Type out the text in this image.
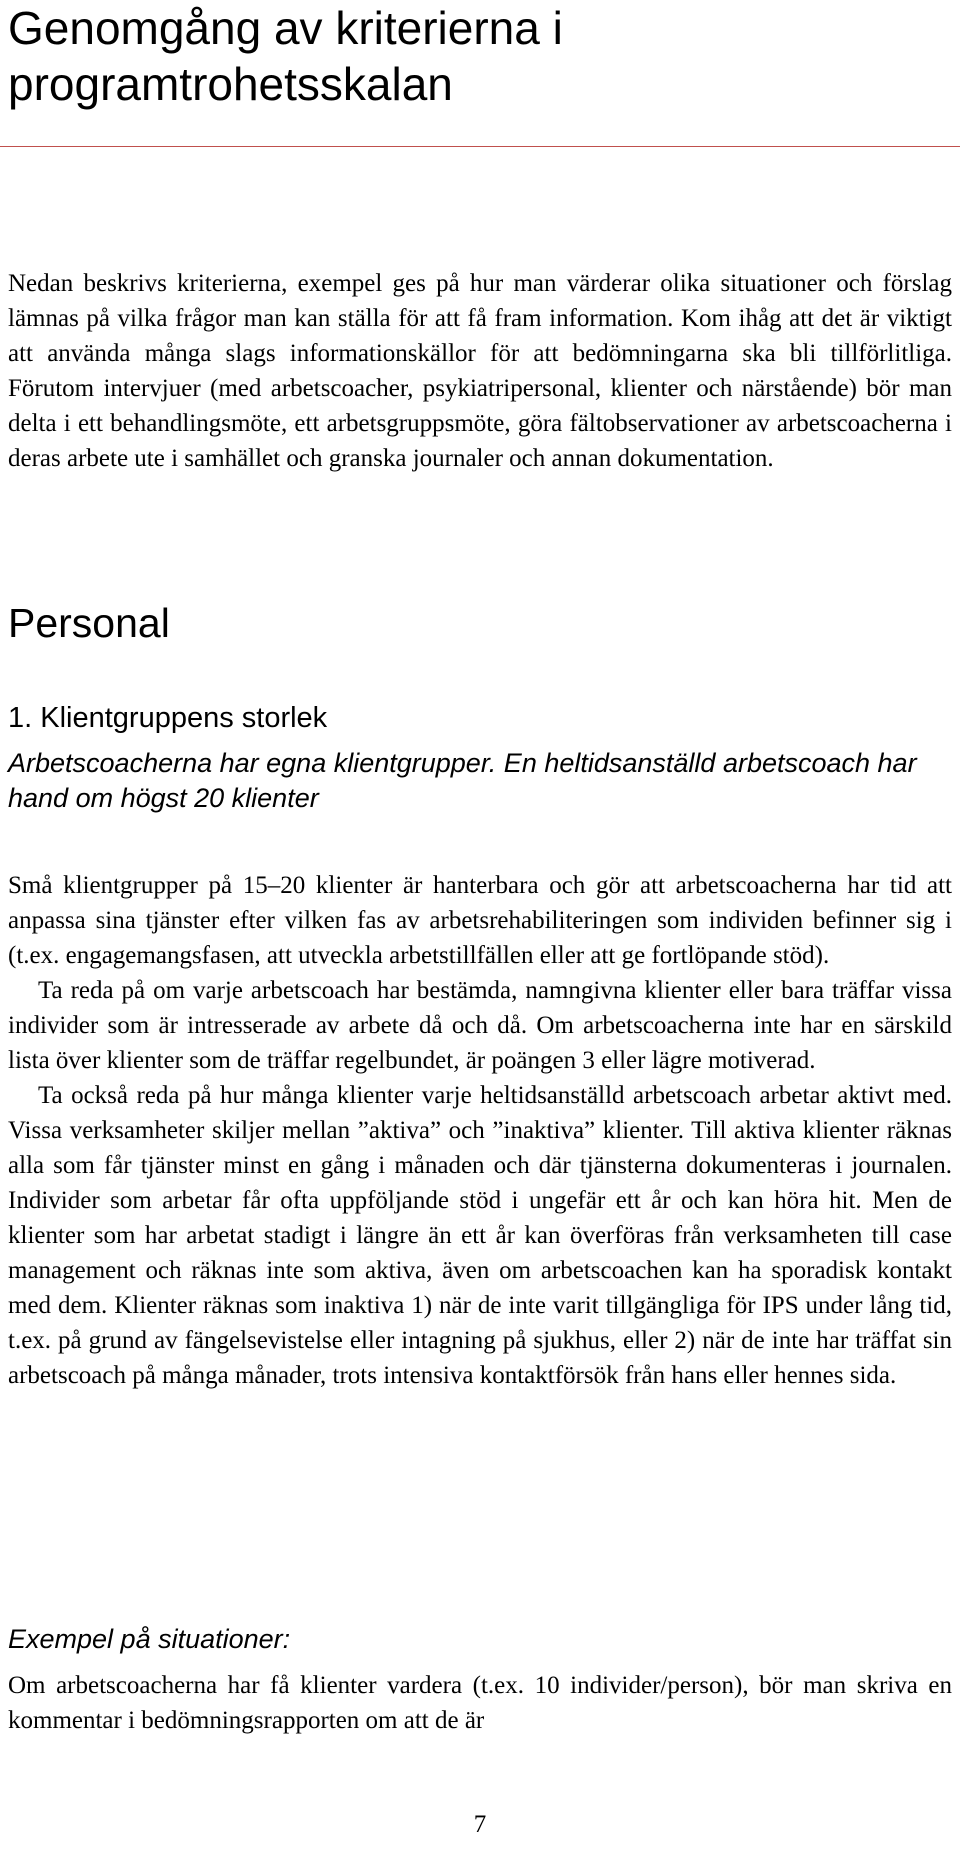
Genomgång av kriterierna i programtrohetsskalan

Nedan beskrivs kriterierna, exempel ges på hur man värderar olika situationer och förslag lämnas på vilka frågor man kan ställa för att få fram information. Kom ihåg att det är viktigt att använda många slags informationskällor för att bedömningarna ska bli tillförlitliga. Förutom intervjuer (med arbetscoacher, psykiatripersonal, klienter och närstående) bör man delta i ett behandlingsmöte, ett arbetsgruppsmöte, göra fältobservationer av arbetscoacherna i deras arbete ute i samhället och granska journaler och annan dokumentation.

Personal
1. Klientgruppens storlek

Arbetscoacherna har egna klientgrupper. En heltidsanställd arbetscoach har hand om högst 20 klienter

Små klientgrupper på 15–20 klienter är hanterbara och gör att arbetscoacherna har tid att anpassa sina tjänster efter vilken fas av arbetsrehabiliteringen som individen befinner sig i (t.ex. engagemangsfasen, att utveckla arbetstillfällen eller att ge fortlöpande stöd).

Ta reda på om varje arbetscoach har bestämda, namngivna klienter eller bara träffar vissa individer som är intresserade av arbete då och då. Om arbetscoacherna inte har en särskild lista över klienter som de träffar regelbundet, är poängen 3 eller lägre motiverad.

Ta också reda på hur många klienter varje heltidsanställd arbetscoach arbetar aktivt med. Vissa verksamheter skiljer mellan ”aktiva” och ”inaktiva” klienter. Till aktiva klienter räknas alla som får tjänster minst en gång i månaden och där tjänsterna dokumenteras i journalen. Individer som arbetar får ofta uppföljande stöd i ungefär ett år och kan höra hit. Men de klienter som har arbetat stadigt i längre än ett år kan överföras från verksamheten till case management och räknas inte som aktiva, även om arbetscoachen kan ha sporadisk kontakt med dem. Klienter räknas som inaktiva 1) när de inte varit tillgängliga för IPS under lång tid, t.ex. på grund av fängelsevistelse eller intagning på sjukhus, eller 2) när de inte har träffat sin arbetscoach på många månader, trots intensiva kontaktförsök från hans eller hennes sida.

Exempel på situationer:

Om arbetscoacherna har få klienter vardera (t.ex. 10 individer/person), bör man skriva en kommentar i bedömningsrapporten om att de är

7
